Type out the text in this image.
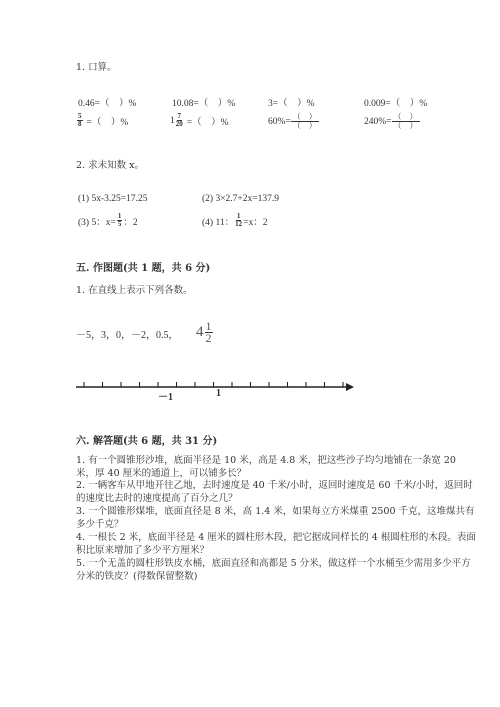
1. 口算。
0.46=（　）%	10.08=（　）%	3=（　）%	0.009=（　）%
$\frac{5}{8}$ =（　）%	$1 \frac{7}{20}$ =（　）%	$60\%= \frac{( )}{( )}$	$240\%= \frac{( )}{( )}$
2. 求未知数 x。
(1) 5x-3.25=17.25	(2) 3×2.7+2x=137.9
(3) 5：$x= \frac{1}{5}$ ：2	(4) 11： $\frac{1}{12} =x$：2
五. 作图题(共 1 题，共 6 分)
1. 在直线上表示下列各数。
－5，3，0，－2，0.5， $4 \frac{1}{2}$
－1	1
六. 解答题(共 6 题，共 31 分)
1. 有一个圆锥形沙堆，底面半径是 10 米，高是 4.8 米，把这些沙子均匀地铺在一条宽 20 米，厚 40 厘米的通道上，可以铺多长？
2. 一辆客车从甲地开往乙地，去时速度是 40 千米/小时，返回时速度是 60 千米/小时，返回时的速度比去时的速度提高了百分之几？
3. 一个圆锥形煤堆，底面直径是 8 米，高 1.4 米，如果每立方米煤重 2500 千克，这堆煤共有多少千克？
4. 一根长 2 米，底面半径是 4 厘米的圆柱形木段，把它据成同样长的 4 根圆柱形的木段。表面积比原来增加了多少平方厘米？
5. 一个无盖的圆柱形铁皮水桶，底面直径和高都是 5 分米，做这样一个水桶至少需用多少平方分米的铁皮？(得数保留整数)
